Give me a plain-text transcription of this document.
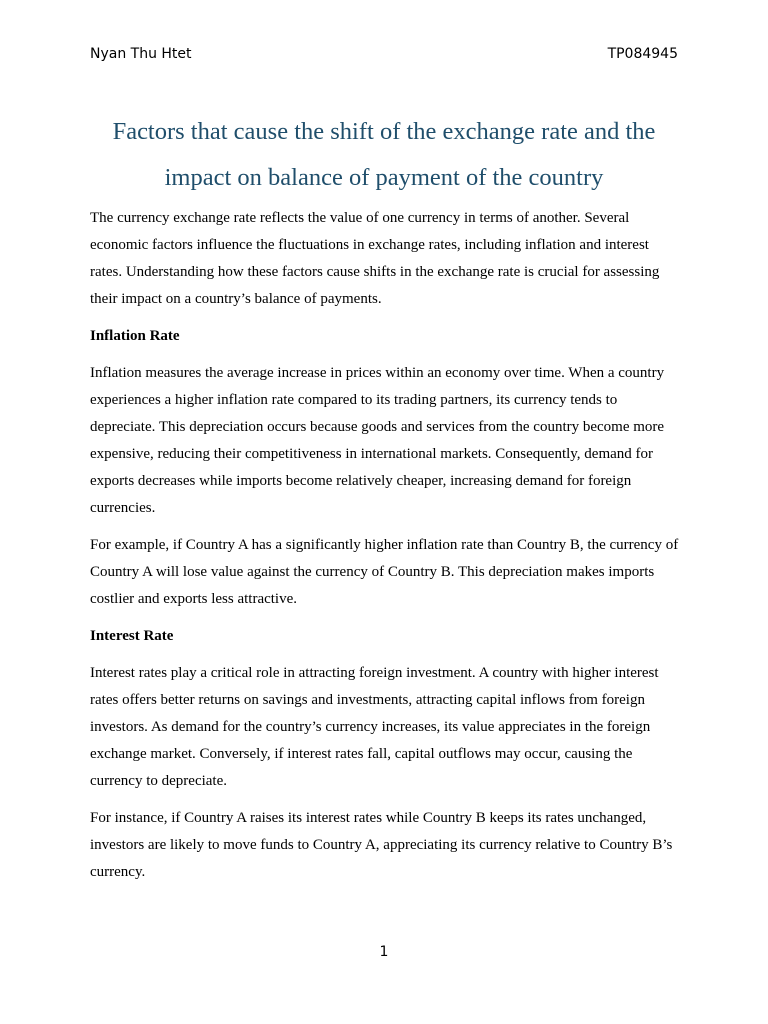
Nyan Thu Htet	TP084945
Factors that cause the shift of the exchange rate and the impact on balance of payment of the country

The currency exchange rate reflects the value of one currency in terms of another. Several economic factors influence the fluctuations in exchange rates, including inflation and interest rates. Understanding how these factors cause shifts in the exchange rate is crucial for assessing their impact on a country’s balance of payments.

Inflation Rate

Inflation measures the average increase in prices within an economy over time. When a country experiences a higher inflation rate compared to its trading partners, its currency tends to depreciate. This depreciation occurs because goods and services from the country become more expensive, reducing their competitiveness in international markets. Consequently, demand for exports decreases while imports become relatively cheaper, increasing demand for foreign currencies.

For example, if Country A has a significantly higher inflation rate than Country B, the currency of Country A will lose value against the currency of Country B. This depreciation makes imports costlier and exports less attractive.

Interest Rate

Interest rates play a critical role in attracting foreign investment. A country with higher interest rates offers better returns on savings and investments, attracting capital inflows from foreign investors. As demand for the country’s currency increases, its value appreciates in the foreign exchange market. Conversely, if interest rates fall, capital outflows may occur, causing the currency to depreciate.

For instance, if Country A raises its interest rates while Country B keeps its rates unchanged, investors are likely to move funds to Country A, appreciating its currency relative to Country B’s currency.

1
